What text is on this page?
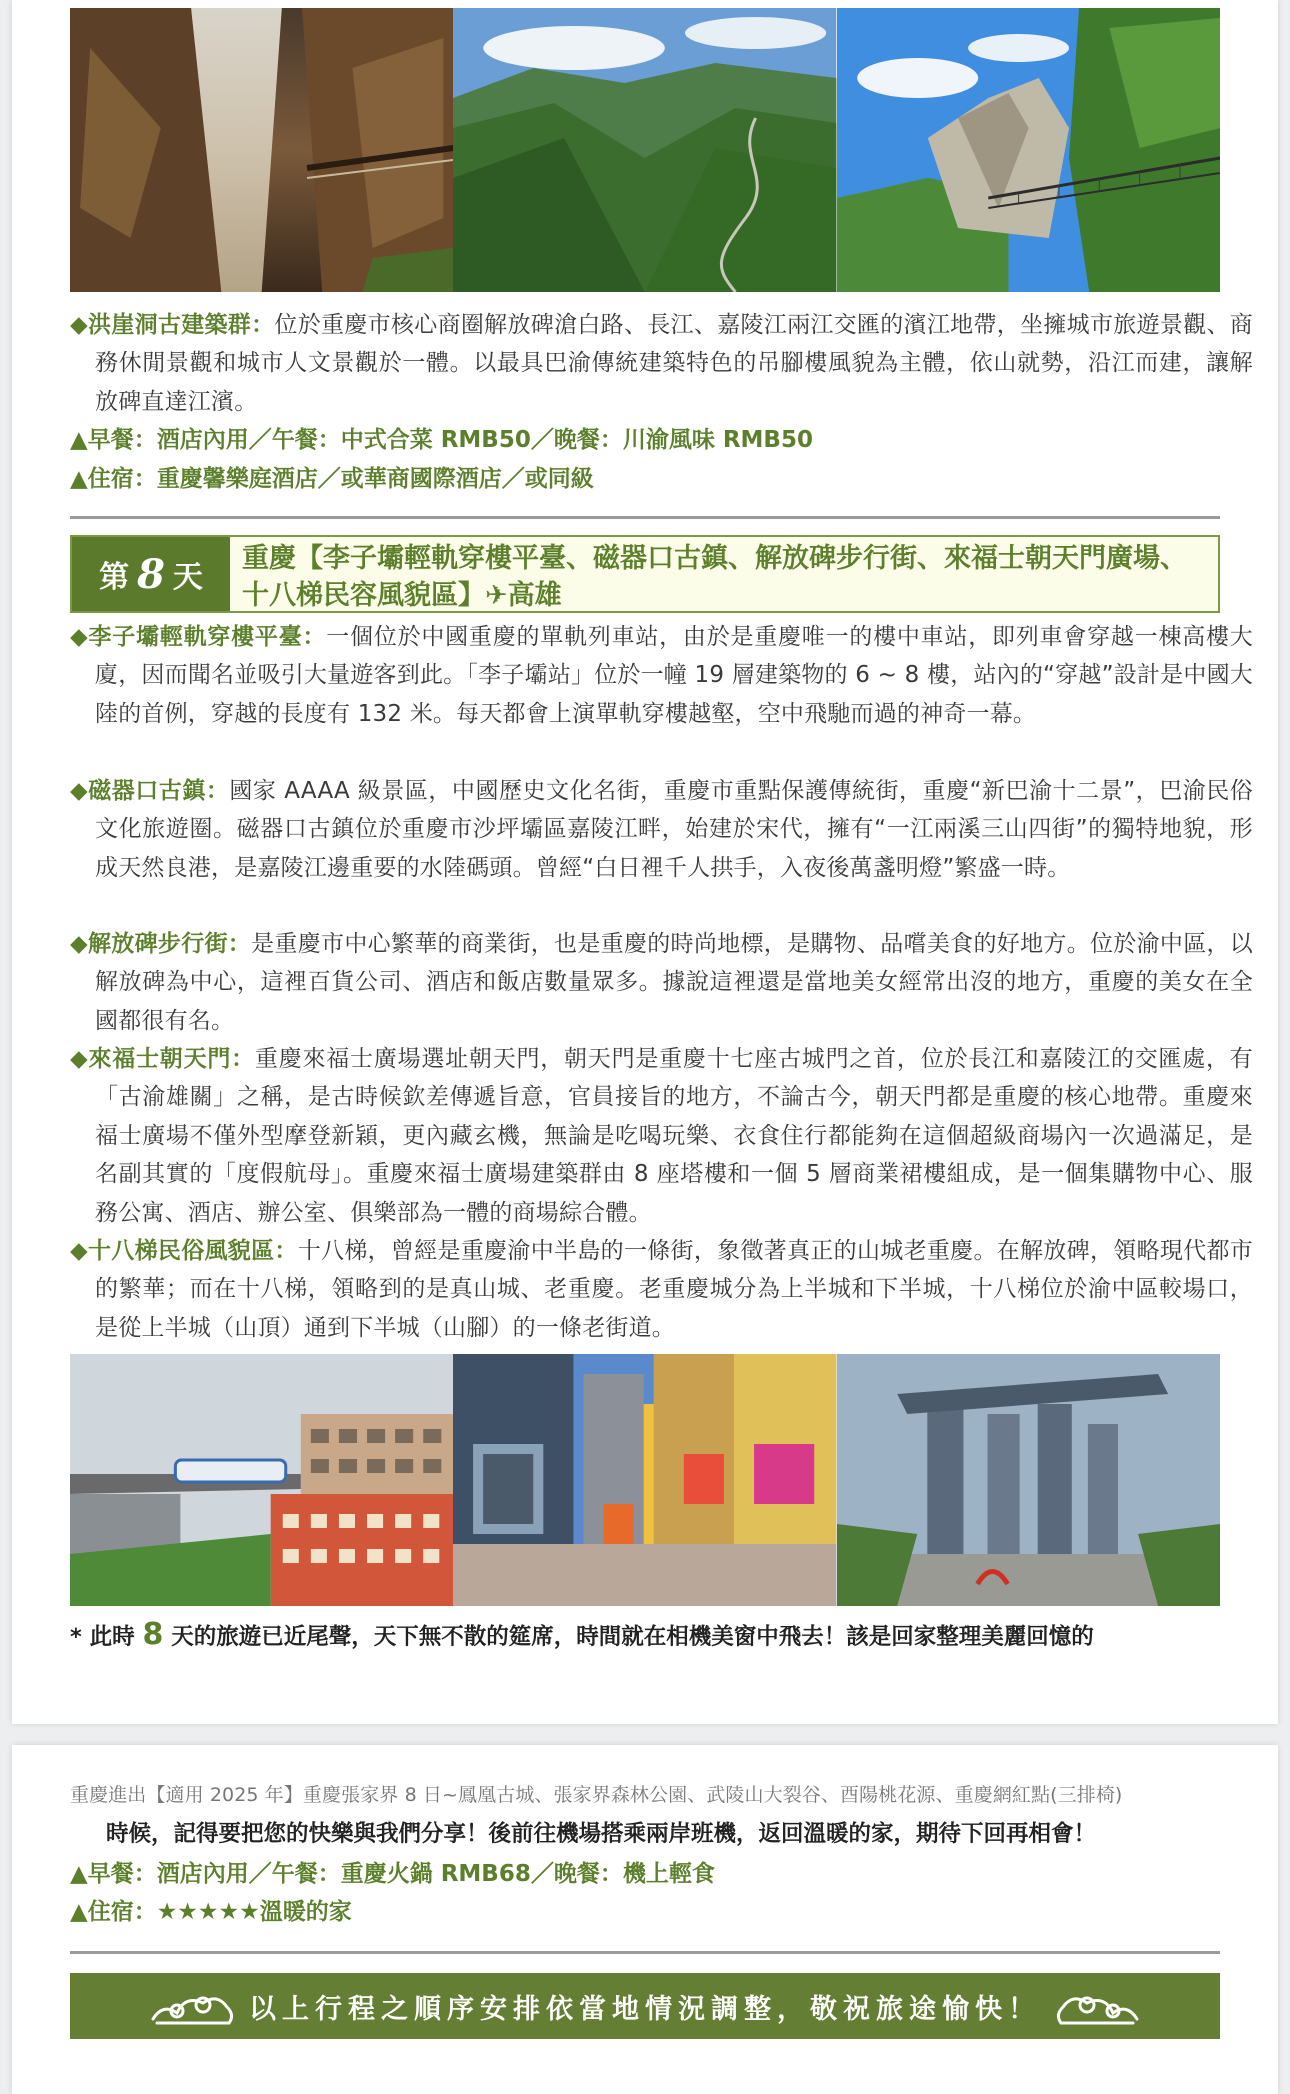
◆洪崖洞古建築群：位於重慶市核心商圈解放碑滄白路、長江、嘉陵江兩江交匯的濱江地帶，坐擁城市旅遊景觀、商務休閒景觀和城市人文景觀於一體。以最具巴渝傳統建築特色的吊腳樓風貌為主體，依山就勢，沿江而建，讓解放碑直達江濱。

▲早餐：酒店內用／午餐：中式合菜 RMB50／晚餐：川渝風味 RMB50
▲住宿：重慶馨樂庭酒店／或華商國際酒店／或同級
第 8 天
重慶【李子壩輕軌穿樓平臺、磁器口古鎮、解放碑步行街、來福士朝天門廣場、十八梯民容風貌區】✈高雄

◆李子壩輕軌穿樓平臺：一個位於中國重慶的單軌列車站，由於是重慶唯一的樓中車站，即列車會穿越一棟高樓大廈，因而聞名並吸引大量遊客到此。「李子壩站」位於一幢 19 層建築物的 6 ~ 8 樓，站內的“穿越”設計是中國大陸的首例，穿越的長度有 132 米。每天都會上演單軌穿樓越壑，空中飛馳而過的神奇一幕。

◆磁器口古鎮：國家 AAAA 級景區，中國歷史文化名街，重慶市重點保護傳統街，重慶“新巴渝十二景”，巴渝民俗文化旅遊圈。磁器口古鎮位於重慶市沙坪壩區嘉陵江畔，始建於宋代，擁有“一江兩溪三山四街”的獨特地貌，形成天然良港，是嘉陵江邊重要的水陸碼頭。曾經“白日裡千人拱手，入夜後萬盞明燈”繁盛一時。

◆解放碑步行街：是重慶市中心繁華的商業街，也是重慶的時尚地標，是購物、品嚐美食的好地方。位於渝中區，以解放碑為中心，這裡百貨公司、酒店和飯店數量眾多。據說這裡還是當地美女經常出沒的地方，重慶的美女在全國都很有名。

◆來福士朝天門：重慶來福士廣場選址朝天門，朝天門是重慶十七座古城門之首，位於長江和嘉陵江的交匯處，有「古渝雄關」之稱，是古時候欽差傳遞旨意，官員接旨的地方，不論古今，朝天門都是重慶的核心地帶。重慶來福士廣場不僅外型摩登新穎，更內藏玄機，無論是吃喝玩樂、衣食住行都能夠在這個超級商場內一次過滿足，是名副其實的「度假航母」。重慶來福士廣場建築群由 8 座塔樓和一個 5 層商業裙樓組成，是一個集購物中心、服務公寓、酒店、辦公室、俱樂部為一體的商場綜合體。

◆十八梯民俗風貌區：十八梯，曾經是重慶渝中半島的一條街，象徵著真正的山城老重慶。在解放碑，領略現代都市的繁華；而在十八梯，領略到的是真山城、老重慶。老重慶城分為上半城和下半城，十八梯位於渝中區較場口，是從上半城（山頂）通到下半城（山腳）的一條老街道。

* 此時 8 天的旅遊已近尾聲，天下無不散的筵席，時間就在相機美窗中飛去！該是回家整理美麗回憶的
重慶進出【適用 2025 年】重慶張家界 8 日~鳳凰古城、張家界森林公園、武陵山大裂谷、酉陽桃花源、重慶網紅點(三排椅)
時候，記得要把您的快樂與我們分享！後前往機場搭乘兩岸班機，返回溫暖的家，期待下回再相會！
▲早餐：酒店內用／午餐：重慶火鍋 RMB68／晚餐：機上輕食
▲住宿：★★★★★溫暖的家
以上行程之順序安排依當地情況調整，敬祝旅途愉快！
